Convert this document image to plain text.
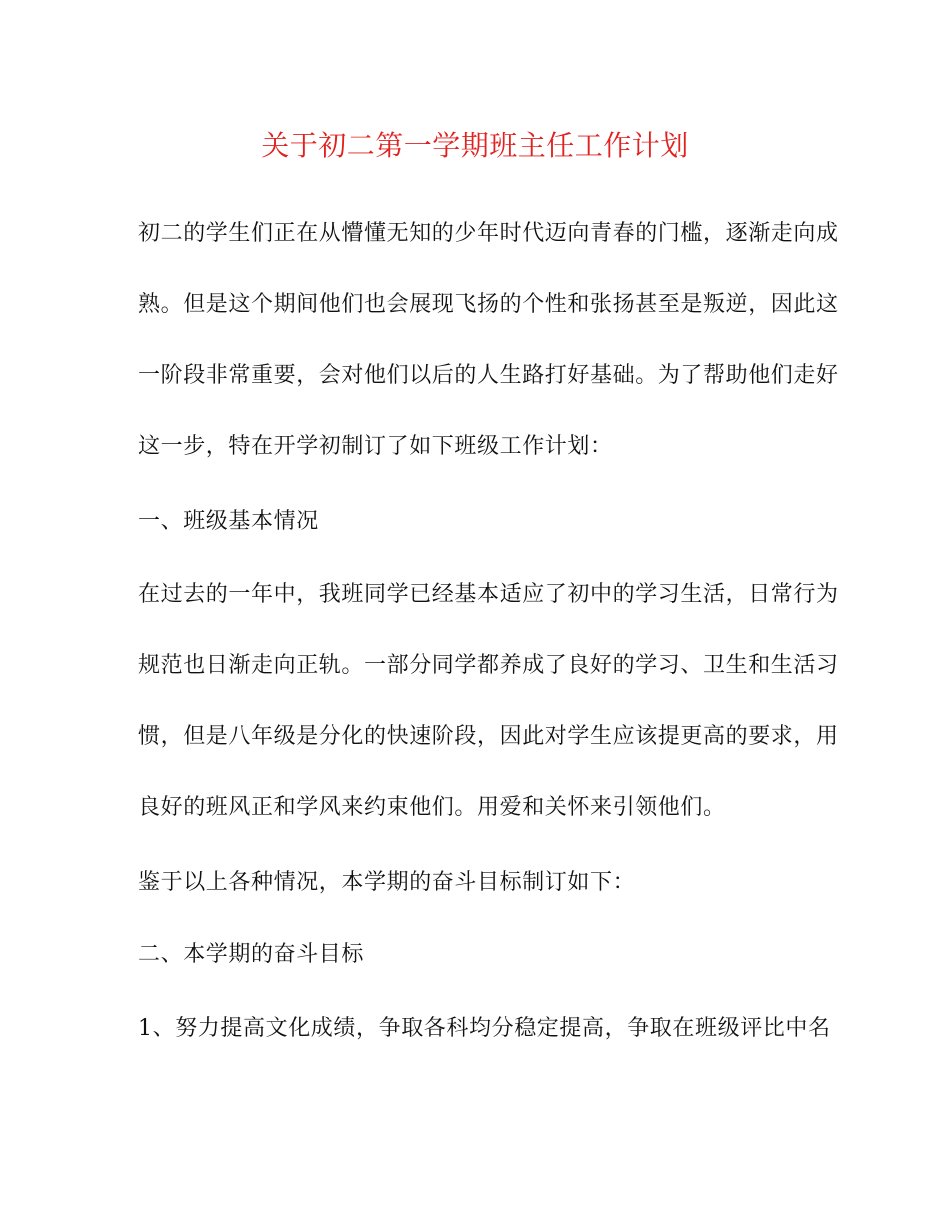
关于初二第一学期班主任工作计划
初二的学生们正在从懵懂无知的少年时代迈向青春的门槛，逐渐走向成
熟。但是这个期间他们也会展现飞扬的个性和张扬甚至是叛逆，因此这
一阶段非常重要，会对他们以后的人生路打好基础。为了帮助他们走好
这一步，特在开学初制订了如下班级工作计划：
一、班级基本情况
在过去的一年中，我班同学已经基本适应了初中的学习生活，日常行为
规范也日渐走向正轨。一部分同学都养成了良好的学习、卫生和生活习
惯，但是八年级是分化的快速阶段，因此对学生应该提更高的要求，用
良好的班风正和学风来约束他们。用爱和关怀来引领他们。
鉴于以上各种情况，本学期的奋斗目标制订如下：
二、本学期的奋斗目标
1、努力提高文化成绩，争取各科均分稳定提高，争取在班级评比中名
